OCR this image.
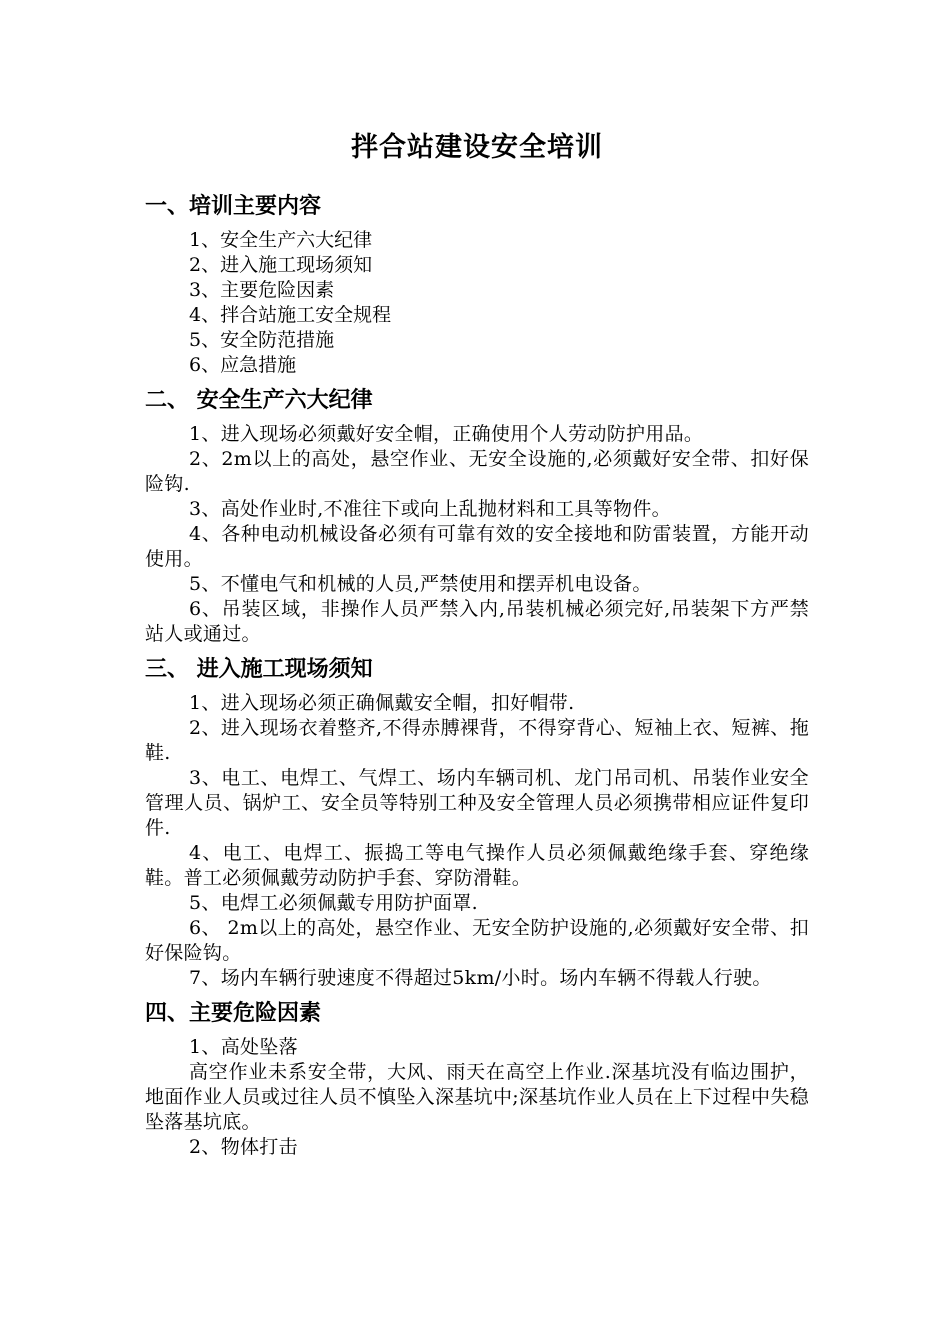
拌合站建设安全培训
一、培训主要内容

1、安全生产六大纪律

2、进入施工现场须知

3、主要危险因素

4、拌合站施工安全规程

5、安全防范措施

6、应急措施

二、 安全生产六大纪律

1、进入现场必须戴好安全帽，正确使用个人劳动防护用品。

2、2m以上的高处，悬空作业、无安全设施的,必须戴好安全带、扣好保险钩.

3、高处作业时,不准往下或向上乱抛材料和工具等物件。

4、各种电动机械设备必须有可靠有效的安全接地和防雷装置，方能开动使用。

5、不懂电气和机械的人员,严禁使用和摆弄机电设备。

6、吊装区域，非操作人员严禁入内,吊装机械必须完好,吊装架下方严禁站人或通过。

三、 进入施工现场须知

1、进入现场必须正确佩戴安全帽，扣好帽带.

2、进入现场衣着整齐,不得赤膊裸背，不得穿背心、短袖上衣、短裤、拖鞋.

3、电工、电焊工、气焊工、场内车辆司机、龙门吊司机、吊装作业安全管理人员、锅炉工、安全员等特别工种及安全管理人员必须携带相应证件复印件.

4、电工、电焊工、振捣工等电气操作人员必须佩戴绝缘手套、穿绝缘鞋。普工必须佩戴劳动防护手套、穿防滑鞋。

5、电焊工必须佩戴专用防护面罩.

6、 2m以上的高处，悬空作业、无安全防护设施的,必须戴好安全带、扣好保险钩。

7、场内车辆行驶速度不得超过5km/小时。场内车辆不得载人行驶。

四、主要危险因素

1、高处坠落

高空作业未系安全带，大风、雨天在高空上作业.深基坑没有临边围护，地面作业人员或过往人员不慎坠入深基坑中;深基坑作业人员在上下过程中失稳坠落基坑底。

2、物体打击
